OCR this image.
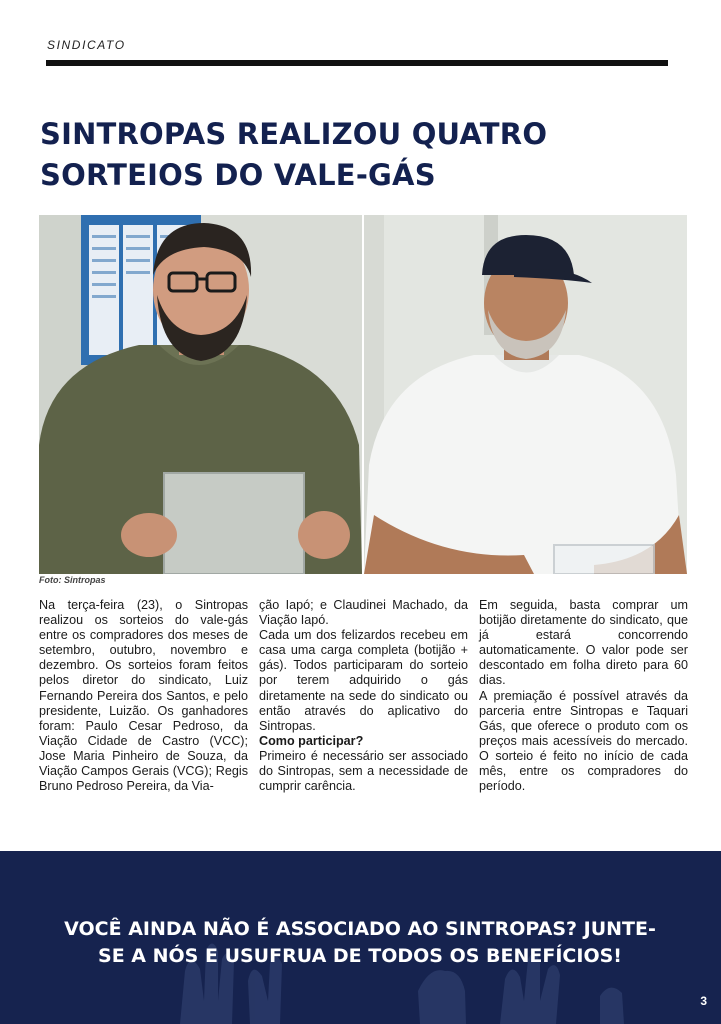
SINDICATO
SINTROPAS REALIZOU QUATRO SORTEIOS DO VALE-GÁS
Foto: Sintropas

Na terça-feira (23), o Sintropas realizou os sorteios do vale-gás entre os compradores dos meses de setembro, outubro, novembro e dezembro. Os sorteios foram feitos pelos diretor do sindicato, Luiz Fernando Pereira dos Santos, e pelo presidente, Luizão. Os ganhadores foram: Paulo Cesar Pedroso, da Viação Cidade de Castro (VCC); Jose Maria Pinheiro de Souza, da Viação Campos Gerais (VCG); Regis Bruno Pedroso Pereira, da Via-

ção Iapó; e Claudinei Machado, da Viação Iapó.

Cada um dos felizardos recebeu em casa uma carga completa (botijão + gás). Todos participaram do sorteio por terem adquirido o gás diretamente na sede do sindicato ou então através do aplicativo do Sintropas.

Como participar?

Primeiro é necessário ser associado do Sintropas, sem a necessidade de cumprir carência.

Em seguida, basta comprar um botijão diretamente do sindicato, que já estará concorrendo automaticamente. O valor pode ser descontado em folha direto para 60 dias.

A premiação é possível através da parceria entre Sintropas e Taquari Gás, que oferece o produto com os preços mais acessíveis do mercado. O sorteio é feito no início de cada mês, entre os compradores do período.

VOCÊ AINDA NÃO É ASSOCIADO AO SINTROPAS? JUNTE-SE A NÓS E USUFRUA DE TODOS OS BENEFÍCIOS!

3
